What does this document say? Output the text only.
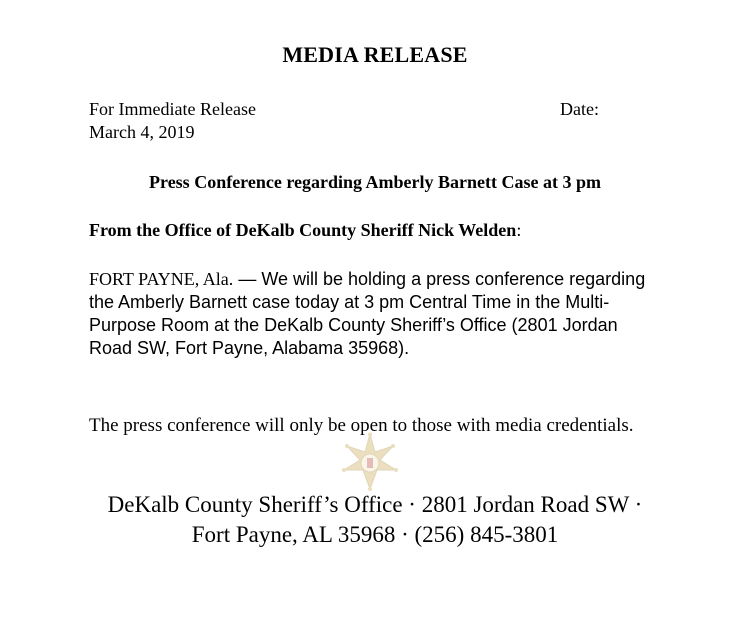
MEDIA RELEASE
For Immediate Release	Date:
March 4, 2019
Press Conference regarding Amberly Barnett Case at 3 pm
From the Office of DeKalb County Sheriff Nick Welden:
FORT PAYNE, Ala. — We will be holding a press conference regarding the Amberly Barnett case today at 3 pm Central Time in the Multi-Purpose Room at the DeKalb County Sheriff’s Office (2801 Jordan Road SW, Fort Payne, Alabama 35968).
The press conference will only be open to those with media credentials.
DeKalb County Sheriff’s Office · 2801 Jordan Road SW ·
Fort Payne, AL 35968 · (256) 845-3801
